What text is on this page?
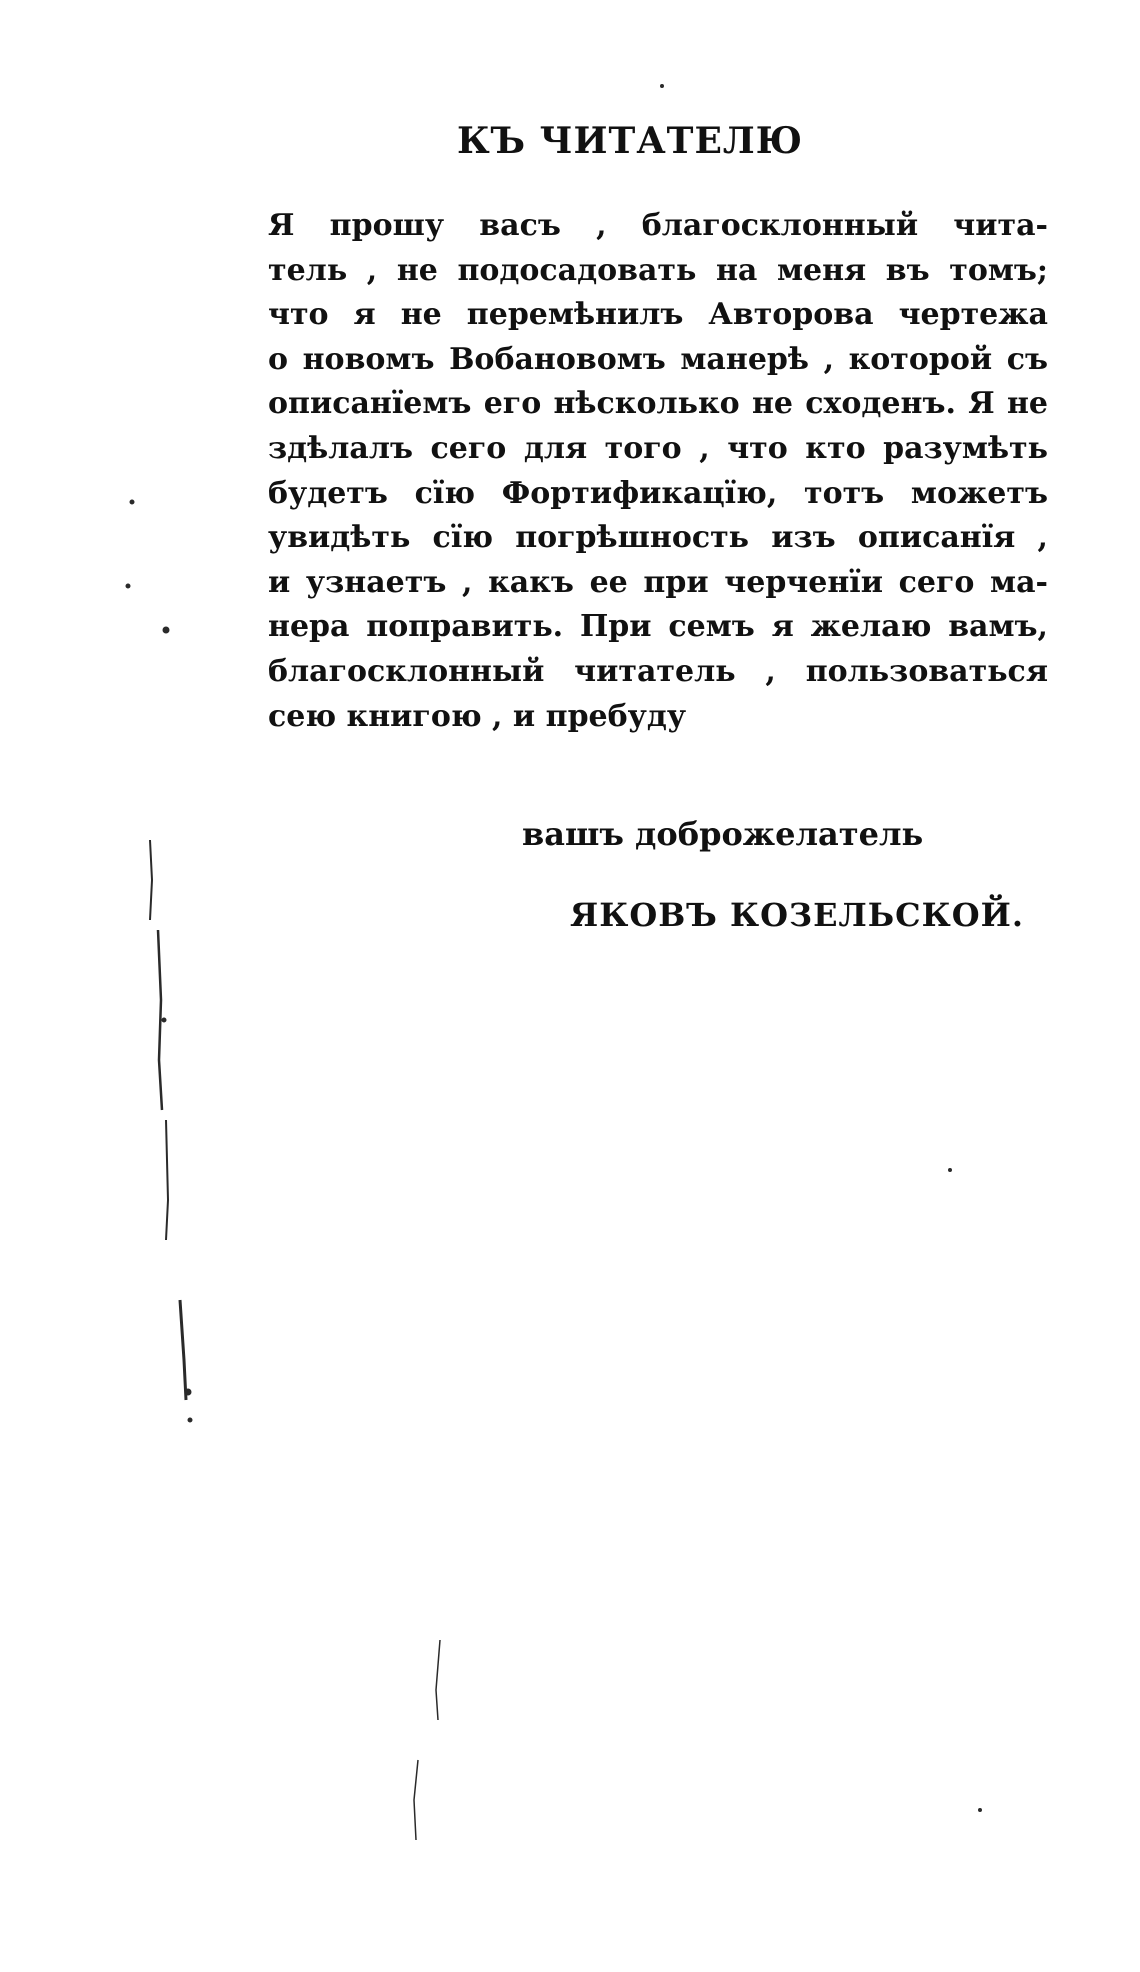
КЪ ЧИТАТЕЛЮ
Я прошу васъ , благосклонный чита-
тель , не подосадовать на меня въ томъ;
что я не перемѣнилъ Авторова чертежа
о новомъ Вобановомъ манерѣ , которой съ
описанїемъ его нѣсколько не сходенъ. Я не
здѣлалъ сего для того , что кто разумѣть
будетъ сїю Фортификацїю, тотъ можетъ
увидѣть сїю погрѣшность изъ описанїя ,
и узнаетъ , какъ ее при черченїи сего ма-
нера поправить. При семъ я желаю вамъ,
благосклонный читатель , пользоваться
сею книгою , и пребуду
вашъ доброжелатель
ЯКОВЪ КОЗЕЛЬСКОЙ.
